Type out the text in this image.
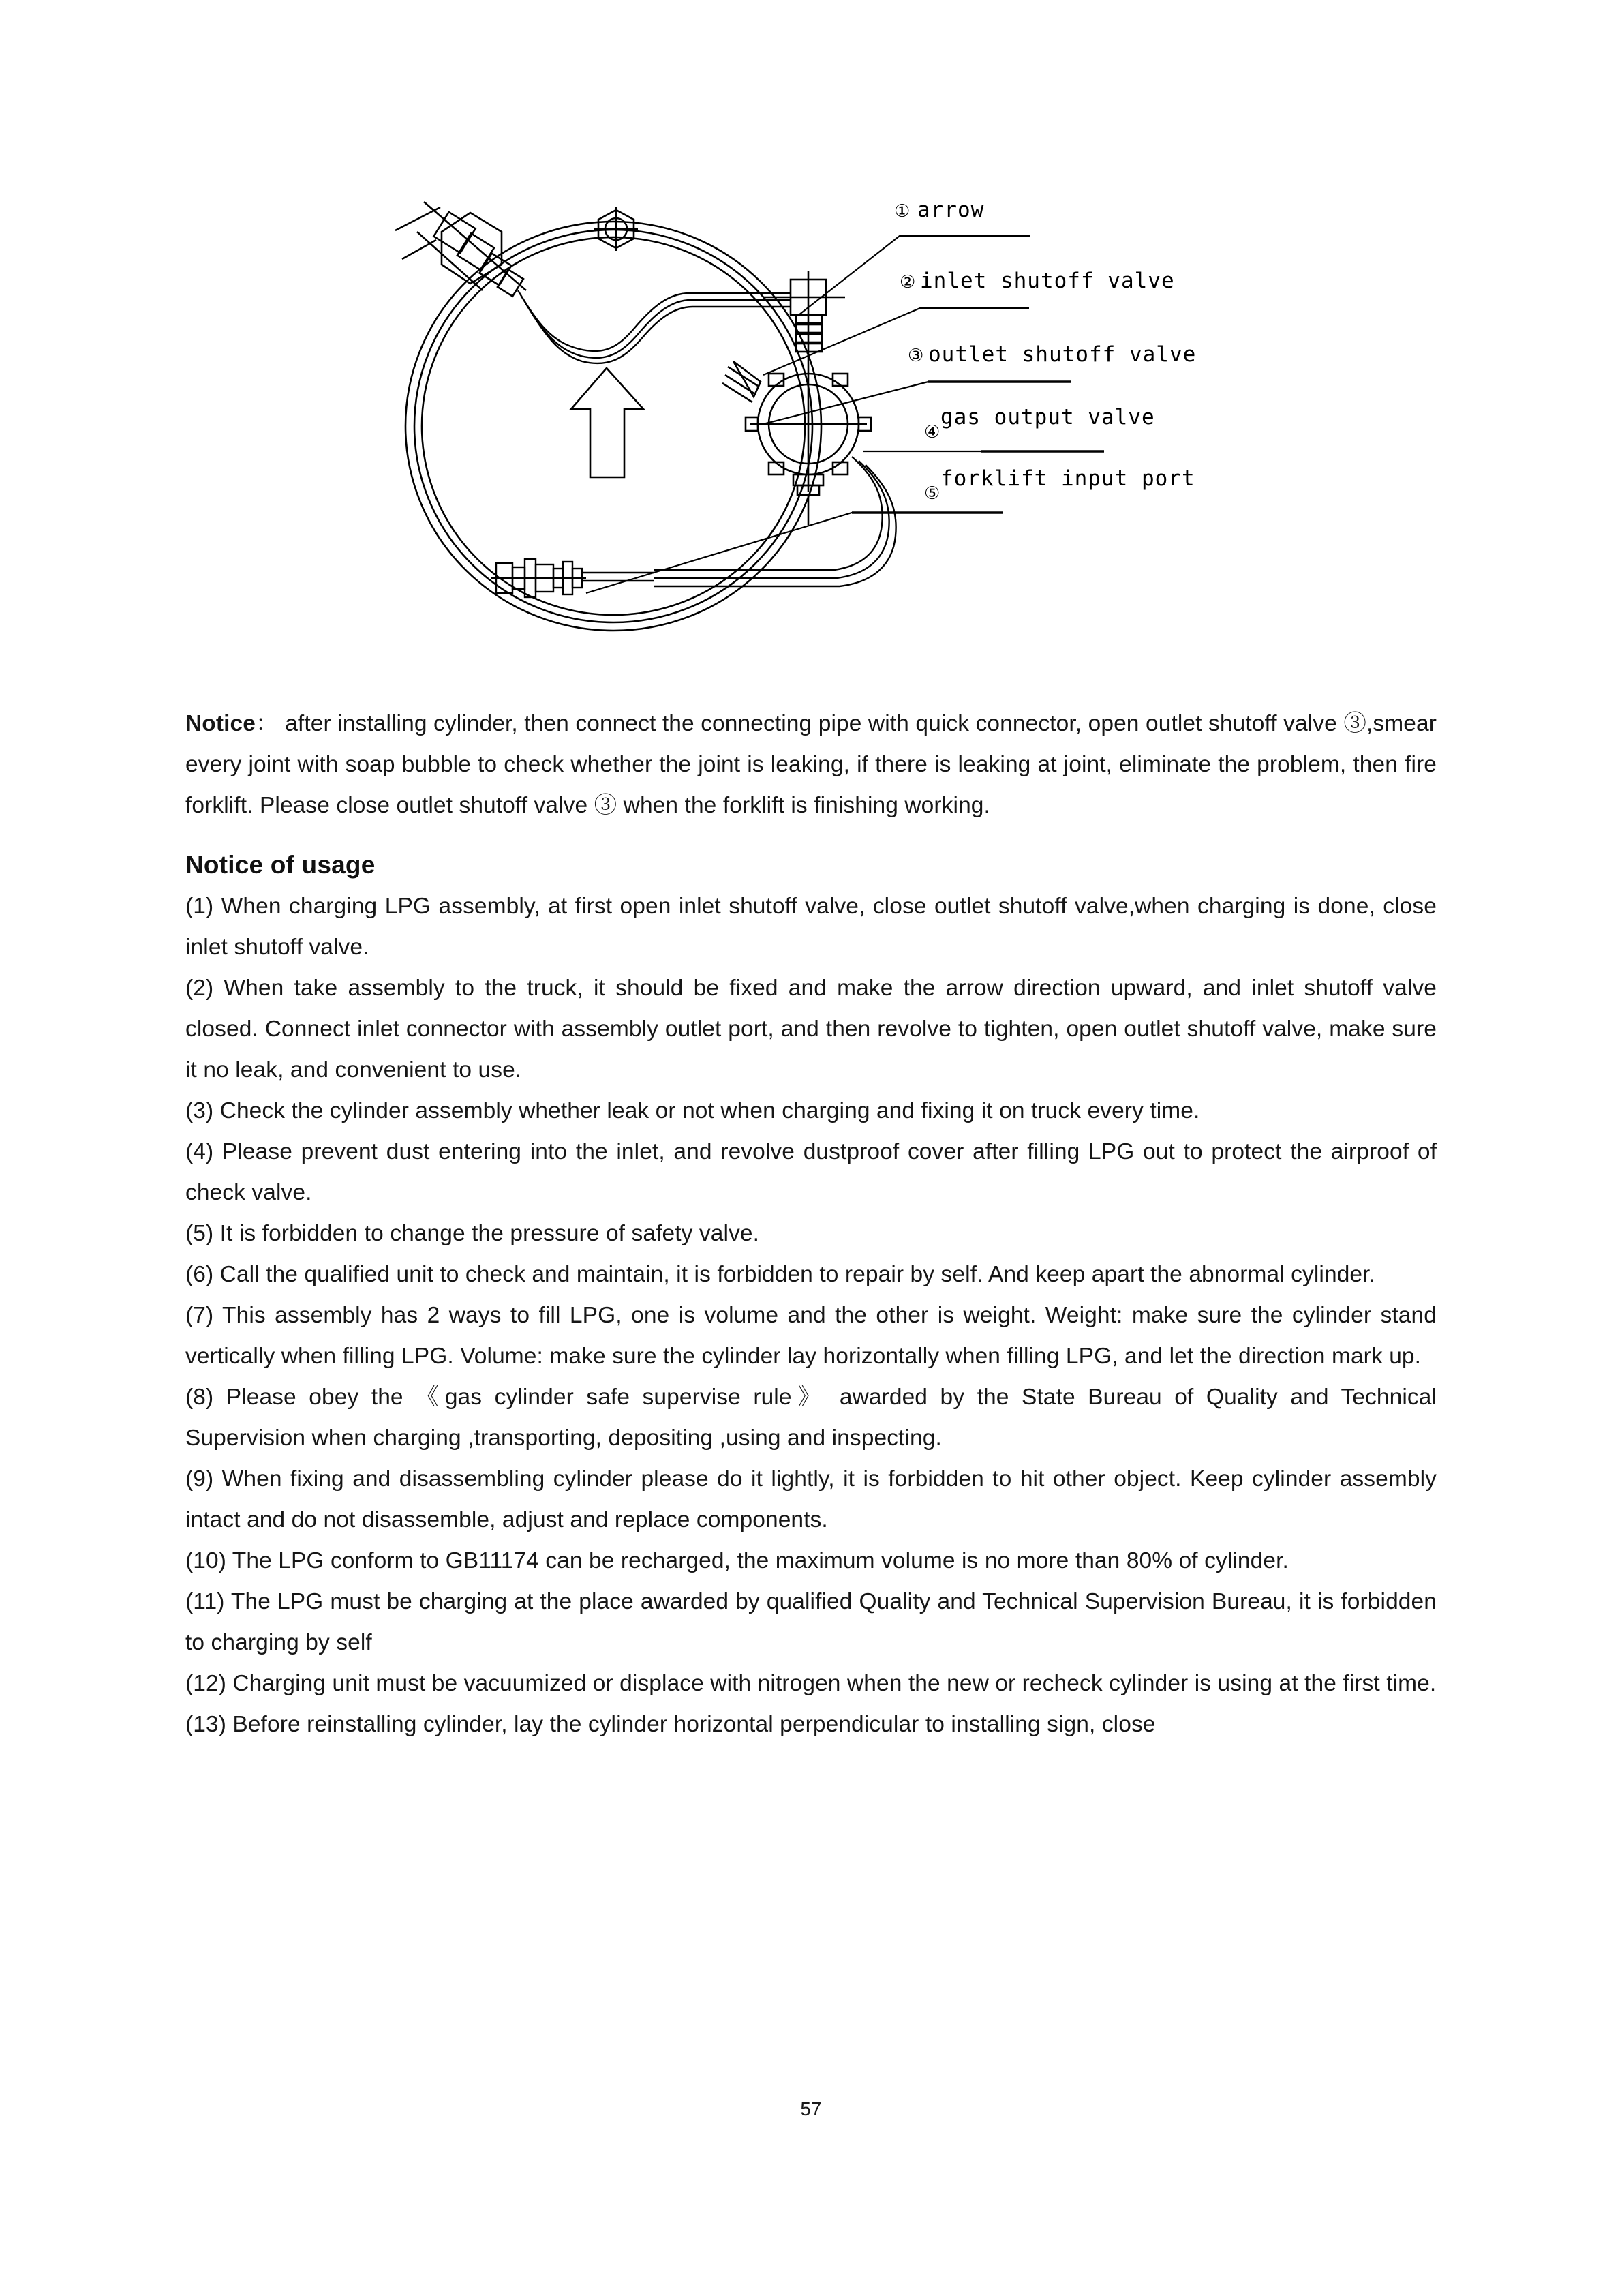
① arrow
② inlet shutoff valve
③ outlet shutoff valve
④
gas output valve
⑤
forklift input port

Notice： after installing cylinder, then connect the connecting pipe with quick connector, open outlet shutoff valve ③,smear every joint with soap bubble to check whether the joint is leaking, if there is leaking at joint, eliminate the problem, then fire forklift. Please close outlet shutoff valve ③ when the forklift is finishing working.

Notice of usage

(1) When charging LPG assembly, at first open inlet shutoff valve, close outlet shutoff valve,when charging is done, close inlet shutoff valve.

(2) When take assembly to the truck, it should be fixed and make the arrow direction upward, and inlet shutoff valve closed. Connect inlet connector with assembly outlet port, and then revolve to tighten, open outlet shutoff valve, make sure it no leak, and convenient to use.

(3) Check the cylinder assembly whether leak or not when charging and fixing it on truck every time.

(4) Please prevent dust entering into the inlet, and revolve dustproof cover after filling LPG out to protect the airproof of check valve.

(5) It is forbidden to change the pressure of safety valve.

(6) Call the qualified unit to check and maintain, it is forbidden to repair by self. And keep apart the abnormal cylinder.

(7) This assembly has 2 ways to fill LPG, one is volume and the other is weight. Weight: make sure the cylinder stand vertically when filling LPG. Volume: make sure the cylinder lay horizontally when filling LPG, and let the direction mark up.

(8) Please obey the 《gas cylinder safe supervise rule》 awarded by the State Bureau of Quality and Technical Supervision when charging ,transporting, depositing ,using and inspecting.

(9) When fixing and disassembling cylinder please do it lightly, it is forbidden to hit other object. Keep cylinder assembly intact and do not disassemble, adjust and replace components.

(10) The LPG conform to GB11174 can be recharged, the maximum volume is no more than 80% of cylinder.

(11) The LPG must be charging at the place awarded by qualified Quality and Technical Supervision Bureau, it is forbidden to charging by self

(12) Charging unit must be vacuumized or displace with nitrogen when the new or recheck cylinder is using at the first time.

(13) Before reinstalling cylinder, lay the cylinder horizontal perpendicular to installing sign, close

57
